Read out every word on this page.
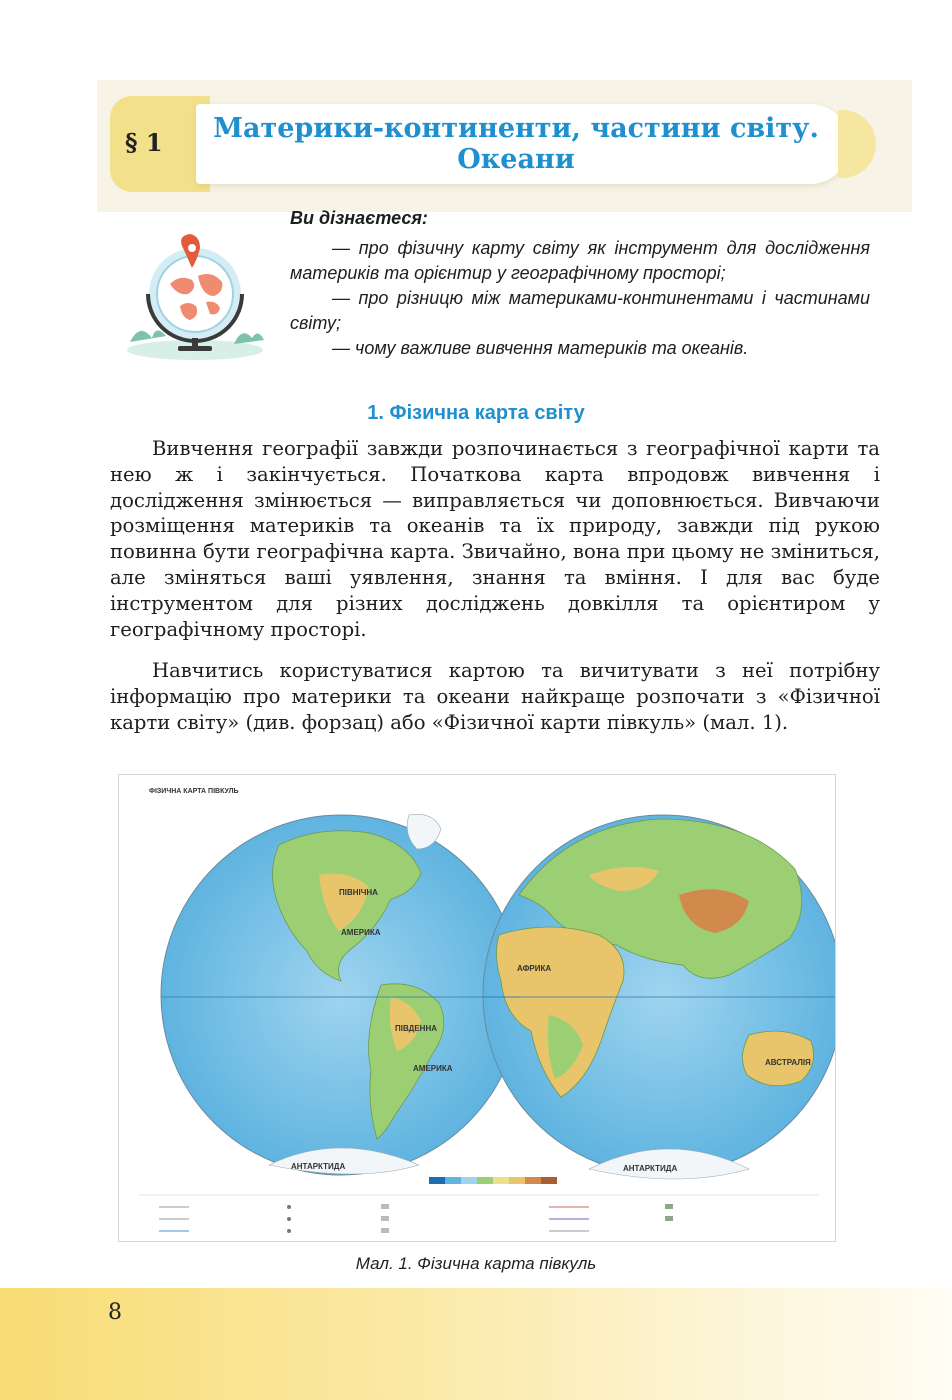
§ 1	Материки-континенти, частини світу.
Океани
Ви дізнаєтеся:
— про фізичну карту світу як інструмент для дослідження материків та орієнтир у географічному просторі;
— про різницю між материками-континентами і частинами світу;
— чому важливе вивчення материків та океанів.
1. Фізична карта світу

Вивчення географії завжди розпочинається з географічної карти та нею ж і закінчується. Початкова карта впродовж вивчення і дослідження змінюється — виправляється чи доповнюється. Вивчаючи розміщення материків та океанів та їх природу, завжди під рукою повинна бути географічна карта. Звичайно, вона при цьому не зміниться, але зміняться ваші уявлення, знання та вміння. І для вас буде інструментом для різних досліджень довкілля та орієнтиром у географічному просторі.

Навчитись користуватися картою та вичитувати з неї потрібну інформацію про материки та океани найкраще розпочати з «Фізичної карти світу» (див. форзац) або «Фізичної карти півкуль» (мал. 1).

ФІЗИЧНА КАРТА ПІВКУЛЬ
ПІВНІЧНА
АМЕРИКА
ПІВДЕННА
АМЕРИКА
АНТАРКТИДА
АФРИКА
АВСТРАЛІЯ
АНТАРКТИДА
Мал. 1. Фізична карта півкуль
8
